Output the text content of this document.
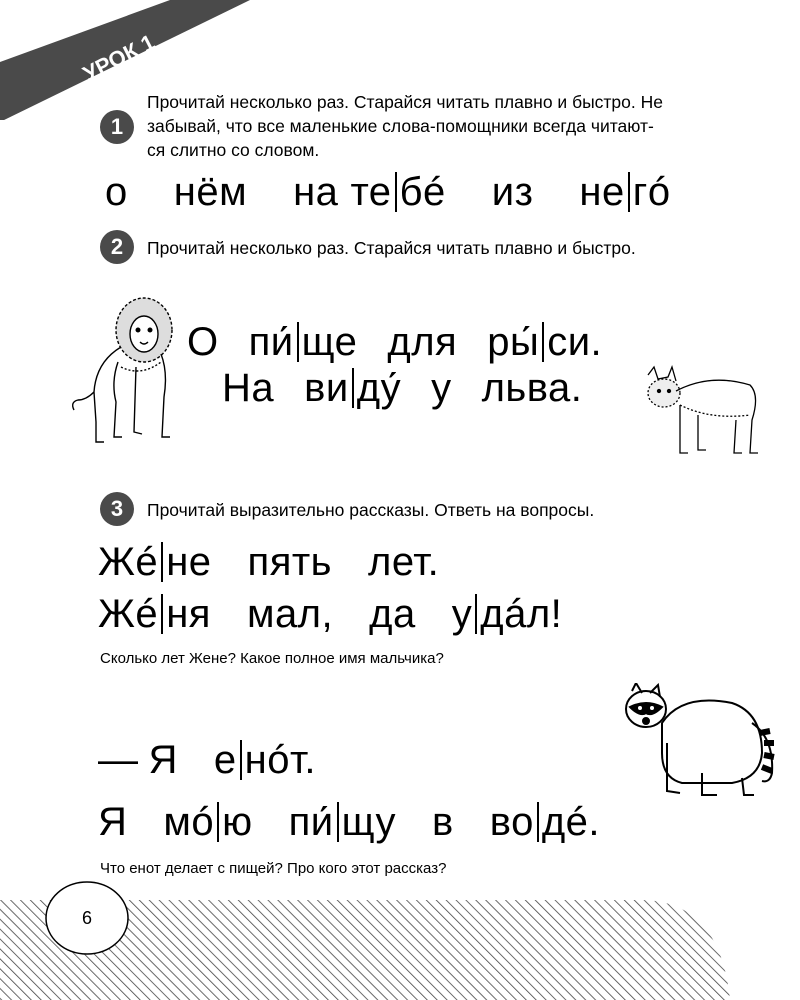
УРОК 1
1
Прочитай несколько раз. Старайся читать плавно и быстро. Не
забывай, что все маленькие слова-помощники всегда читают-
ся слитно со словом.
о нём на те бé из не гó
2 Прочитай несколько раз. Старайся читать плавно и быстро.
О пи́ ще для ры́ си.
На ви ду́ у льва.
3 Прочитай выразительно рассказы. Ответь на вопросы.
Жé не пять лет.
Жé ня мал, да у дáл!
Сколько лет Жене? Какое полное имя мальчика?
— Я е нóт.
Я мó ю пи́ щу в во дé.
Что енот делает с пищей? Про кого этот рассказ?
6
